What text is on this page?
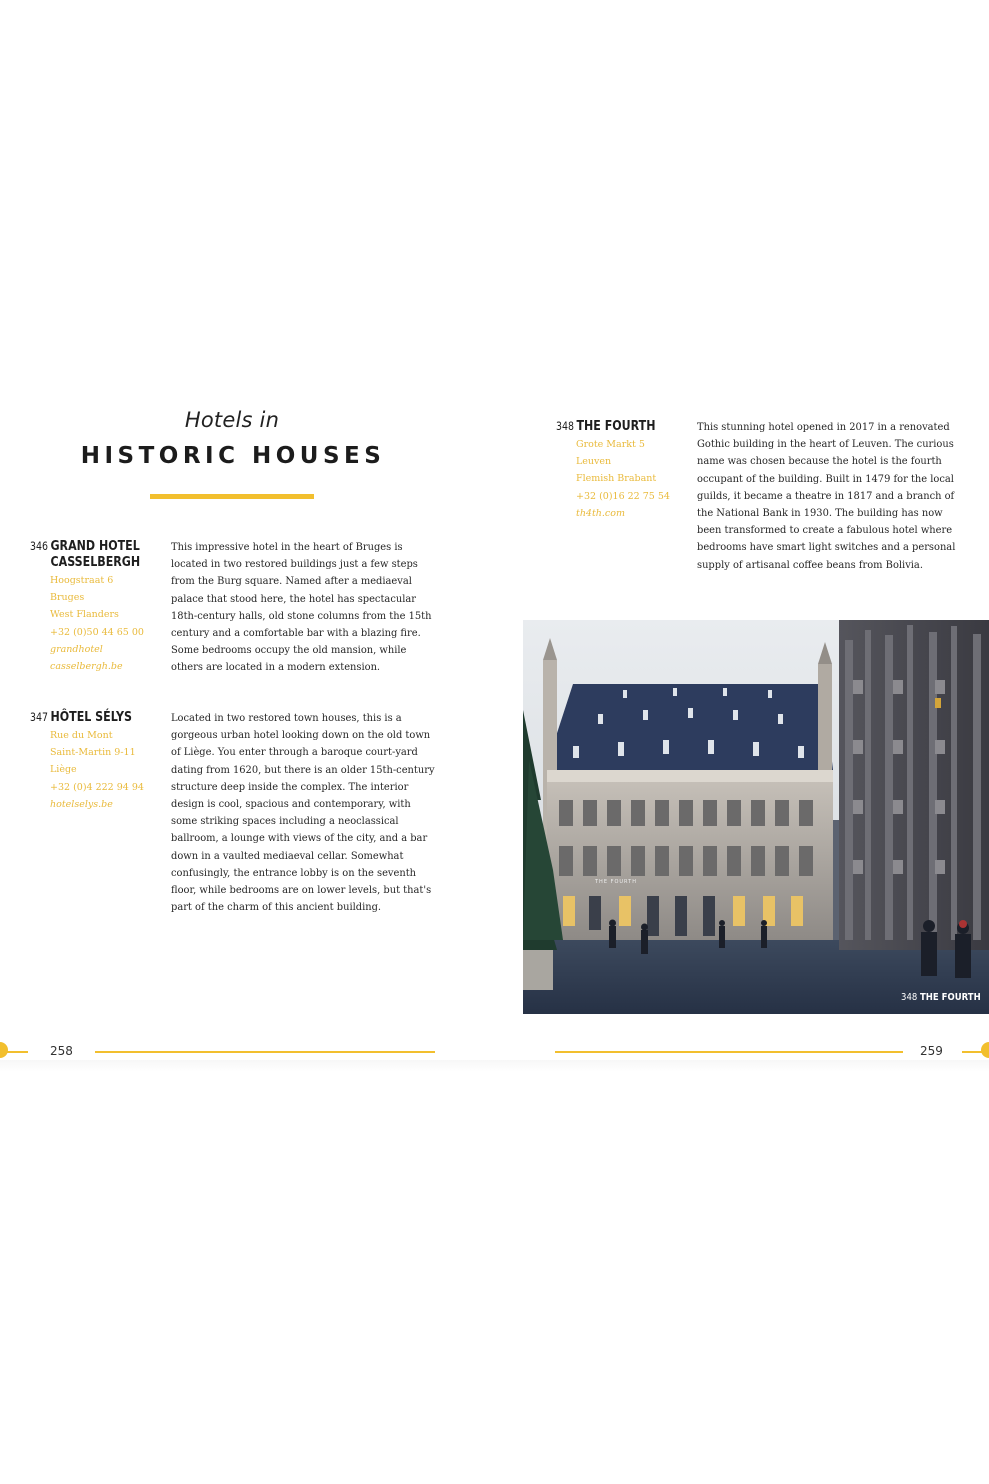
Hotels in
HISTORIC HOUSES
346 GRAND HOTEL
CASSELBERGH
Hoogstraat 6
Bruges
West Flanders
+32 (0)50 44 65 00
grandhotel
casselbergh.be

This impressive hotel in the heart of Bruges is located in two restored buildings just a few steps from the Burg square. Named after a mediaeval palace that stood here, the hotel has spectacular 18th-century halls, old stone columns from the 15th century and a comfortable bar with a blazing fire. Some bedrooms occupy the old mansion, while others are located in a modern extension.

347 HÔTEL SÉLYS
Rue du Mont
Saint-Martin 9-11
Liège
+32 (0)4 222 94 94
hotelselys.be

Located in two restored town houses, this is a gorgeous urban hotel looking down on the old town of Liège. You enter through a baroque court-yard dating from 1620, but there is an older 15th-century structure deep inside the complex. The interior design is cool, spacious and contemporary, with some striking spaces including a neoclassical ballroom, a lounge with views of the city, and a bar down in a vaulted mediaeval cellar. Somewhat confusingly, the entrance lobby is on the seventh floor, while bedrooms are on lower levels, but that's part of the charm of this ancient building.

348 THE FOURTH
Grote Markt 5
Leuven
Flemish Brabant
+32 (0)16 22 75 54
th4th.com

This stunning hotel opened in 2017 in a renovated Gothic building in the heart of Leuven. The curious name was chosen because the hotel is the fourth occupant of the building. Built in 1479 for the local guilds, it became a theatre in 1817 and a branch of the National Bank in 1930. The building has now been transformed to create a fabulous hotel where bedrooms have smart light switches and a personal supply of artisanal coffee beans from Bolivia.

THE FOURTH
348 THE FOURTH
258	259
